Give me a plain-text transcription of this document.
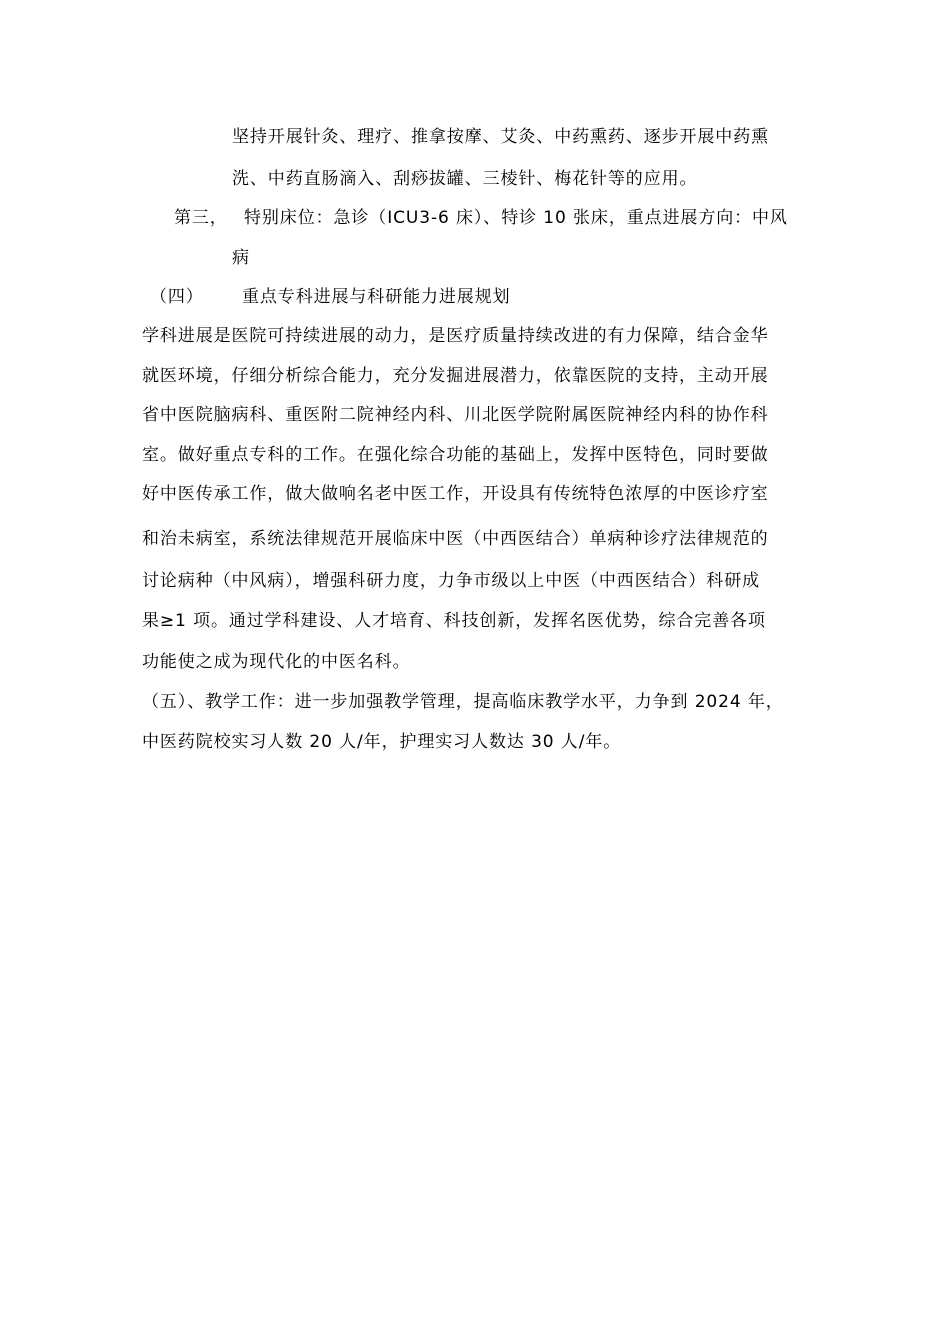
坚持开展针灸、理疗、推拿按摩、艾灸、中药熏药、逐步开展中药熏
洗、中药直肠滴入、刮痧拔罐、三棱针、梅花针等的应用。
第三， 特别床位：急诊（ICU3-6 床）、特诊 10 张床，重点进展方向：中风
病
（四） 重点专科进展与科研能力进展规划
学科进展是医院可持续进展的动力，是医疗质量持续改进的有力保障，结合金华
就医环境，仔细分析综合能力，充分发掘进展潜力，依靠医院的支持，主动开展
省中医院脑病科、重医附二院神经内科、川北医学院附属医院神经内科的协作科
室。做好重点专科的工作。在强化综合功能的基础上，发挥中医特色，同时要做
好中医传承工作，做大做响名老中医工作，开设具有传统特色浓厚的中医诊疗室
和治未病室，系统法律规范开展临床中医（中西医结合）单病种诊疗法律规范的
讨论病种（中风病），增强科研力度，力争市级以上中医（中西医结合）科研成
果≥1 项。通过学科建设、人才培育、科技创新，发挥名医优势，综合完善各项
功能使之成为现代化的中医名科。
（五）、教学工作：进一步加强教学管理，提高临床教学水平，力争到 2024 年，
中医药院校实习人数 20 人/年，护理实习人数达 30 人/年。
